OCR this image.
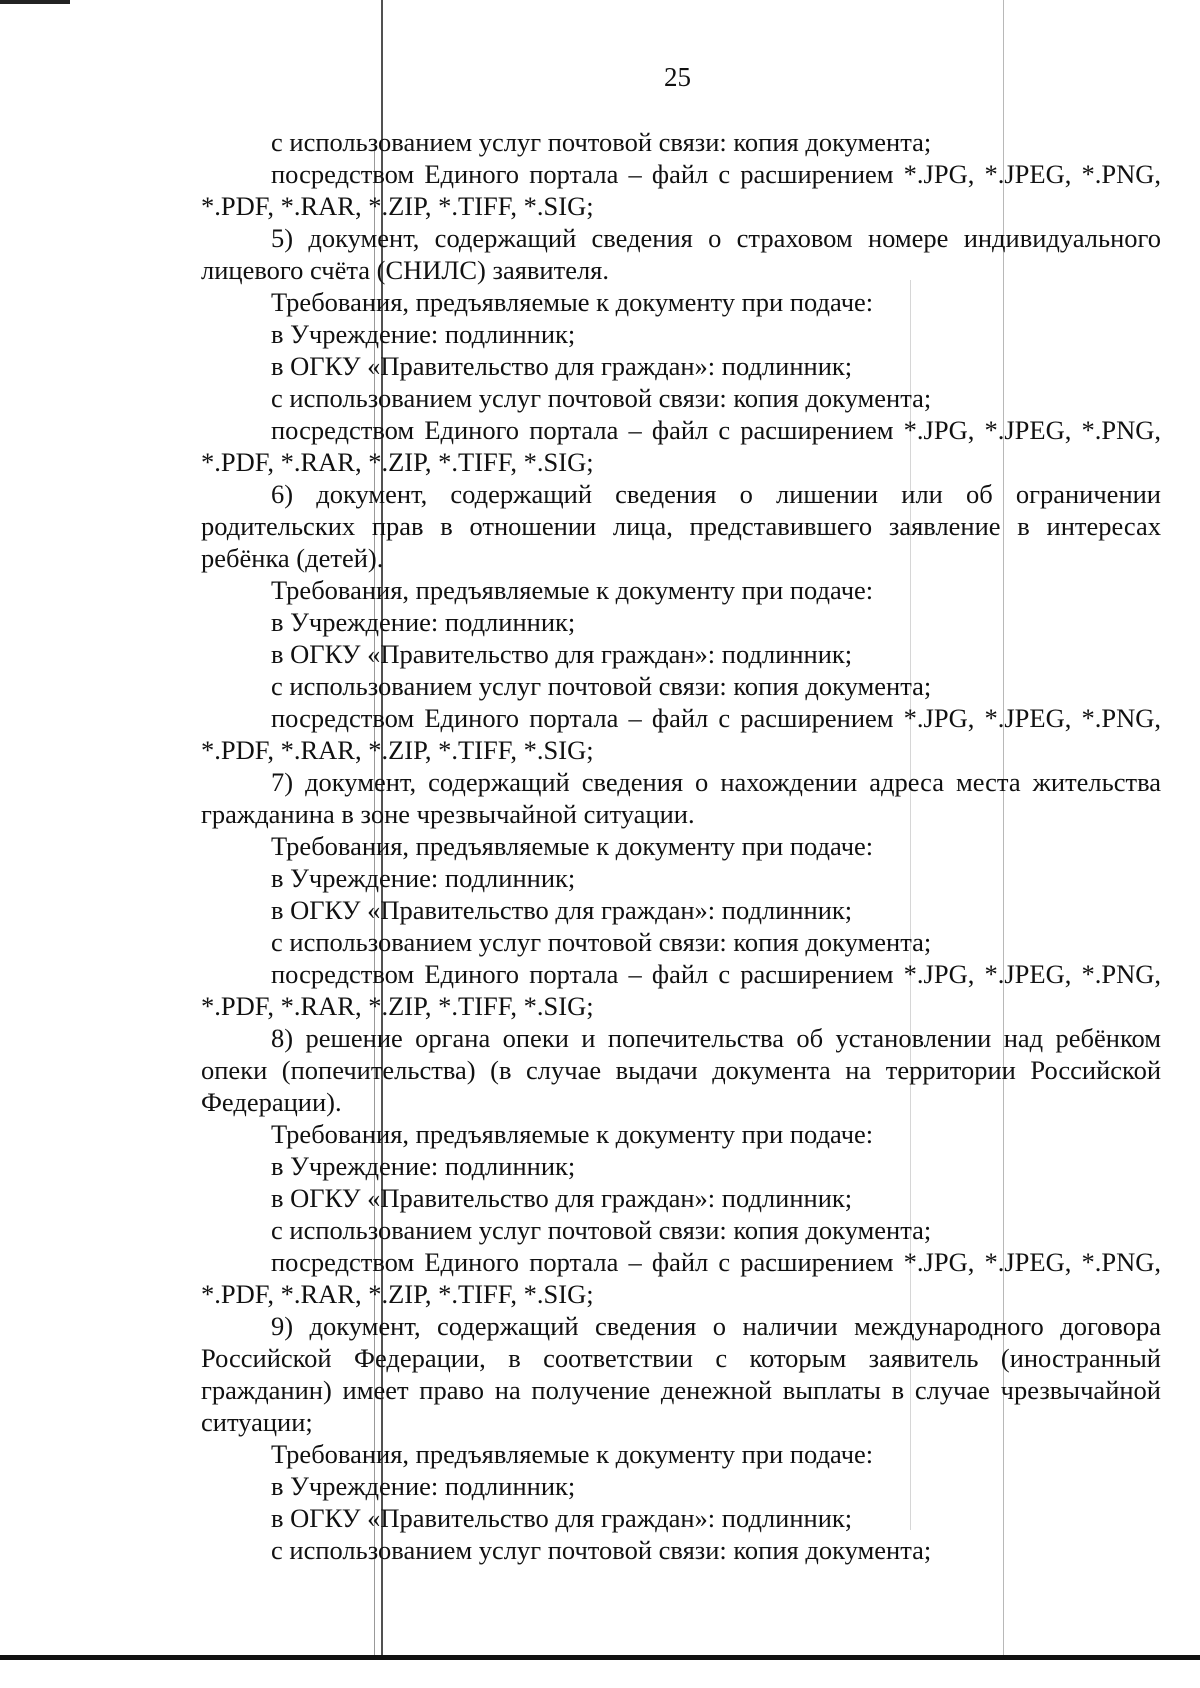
25

с использованием услуг почтовой связи: копия документа;

посредством Единого портала – файл с расширением *.JPG, *.JPEG, *.PNG, *.PDF, *.RAR, *.ZIP, *.TIFF, *.SIG;

5) документ, содержащий сведения о страховом номере индивидуального лицевого счёта (СНИЛС) заявителя.

Требования, предъявляемые к документу при подаче:

в Учреждение: подлинник;

в ОГКУ «Правительство для граждан»: подлинник;

с использованием услуг почтовой связи: копия документа;

посредством Единого портала – файл с расширением *.JPG, *.JPEG, *.PNG, *.PDF, *.RAR, *.ZIP, *.TIFF, *.SIG;

6) документ, содержащий сведения о лишении или об ограничении родительских прав в отношении лица, представившего заявление в интересах ребёнка (детей).

Требования, предъявляемые к документу при подаче:

в Учреждение: подлинник;

в ОГКУ «Правительство для граждан»: подлинник;

с использованием услуг почтовой связи: копия документа;

посредством Единого портала – файл с расширением *.JPG, *.JPEG, *.PNG, *.PDF, *.RAR, *.ZIP, *.TIFF, *.SIG;

7) документ, содержащий сведения о нахождении адреса места жительства гражданина в зоне чрезвычайной ситуации.

Требования, предъявляемые к документу при подаче:

в Учреждение: подлинник;

в ОГКУ «Правительство для граждан»: подлинник;

с использованием услуг почтовой связи: копия документа;

посредством Единого портала – файл с расширением *.JPG, *.JPEG, *.PNG, *.PDF, *.RAR, *.ZIP, *.TIFF, *.SIG;

8) решение органа опеки и попечительства об установлении над ребёнком опеки (попечительства) (в случае выдачи документа на территории Российской Федерации).

Требования, предъявляемые к документу при подаче:

в Учреждение: подлинник;

в ОГКУ «Правительство для граждан»: подлинник;

с использованием услуг почтовой связи: копия документа;

посредством Единого портала – файл с расширением *.JPG, *.JPEG, *.PNG, *.PDF, *.RAR, *.ZIP, *.TIFF, *.SIG;

9) документ, содержащий сведения о наличии международного договора Российской Федерации, в соответствии с которым заявитель (иностранный гражданин) имеет право на получение денежной выплаты в случае чрезвычайной ситуации;

Требования, предъявляемые к документу при подаче:

в Учреждение: подлинник;

в ОГКУ «Правительство для граждан»: подлинник;

с использованием услуг почтовой связи: копия документа;
